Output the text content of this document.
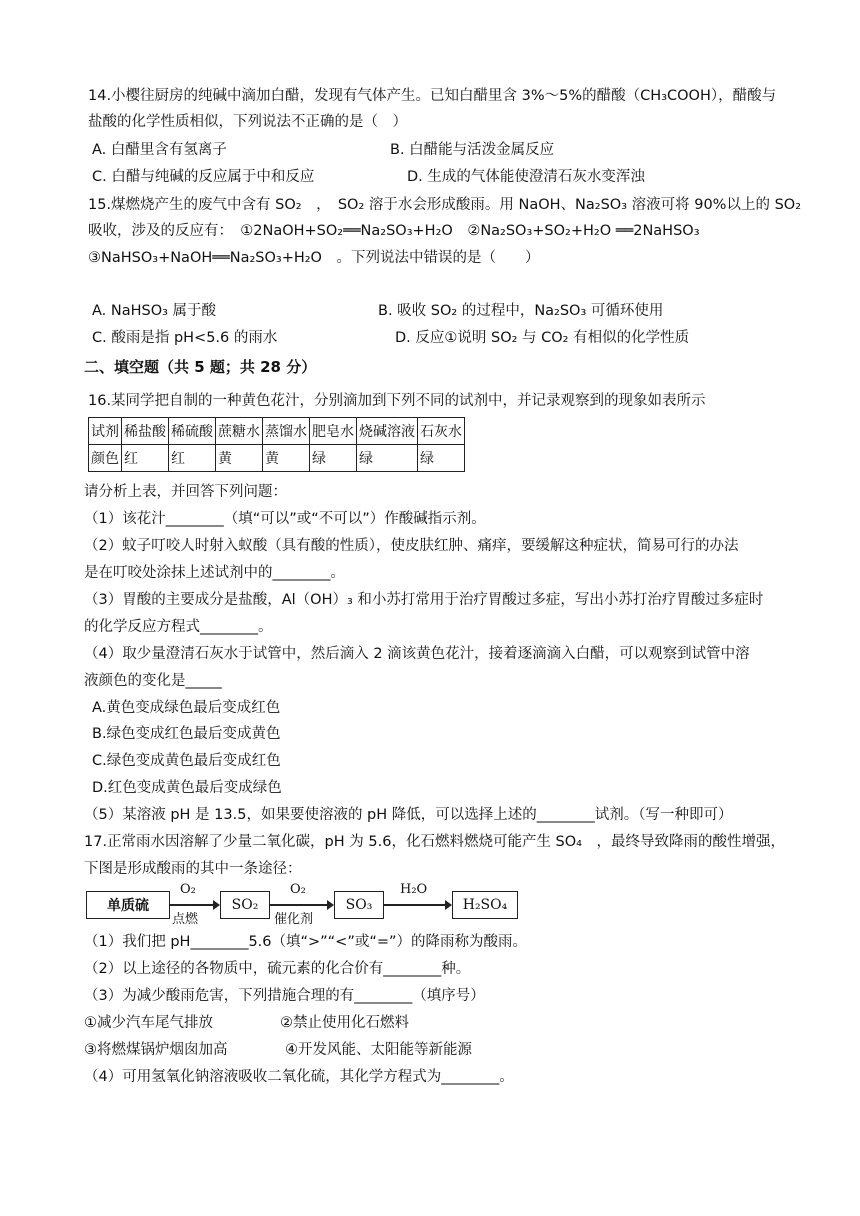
14.小樱往厨房的纯碱中滴加白醋，发现有气体产生。已知白醋里含 3%～5%的醋酸（CH₃COOH），醋酸与
盐酸的化学性质相似，下列说法不正确的是（　）
A. 白醋里含有氢离子	B. 白醋能与活泼金属反应
C. 白醋与纯碱的反应属于中和反应	D. 生成的气体能使澄清石灰水变浑浊
15.煤燃烧产生的废气中含有 SO₂　，　SO₂ 溶于水会形成酸雨。用 NaOH、Na₂SO₃ 溶液可将 90%以上的 SO₂
吸收，涉及的反应有：　①2NaOH+SO₂══Na₂SO₃+H₂O　②Na₂SO₃+SO₂+H₂O ══2NaHSO₃
③NaHSO₃+NaOH══Na₂SO₃+H₂O　。下列说法中错误的是（　　）
A. NaHSO₃ 属于酸	B. 吸收 SO₂ 的过程中，Na₂SO₃ 可循环使用
C. 酸雨是指 pH<5.6 的雨水	D. 反应①说明 SO₂ 与 CO₂ 有相似的化学性质
二、填空题（共 5 题；共 28 分）
16.某同学把自制的一种黄色花汁，分别滴加到下列不同的试剂中，并记录观察到的现象如表所示
试剂	稀盐酸	稀硫酸	蔗糖水	蒸馏水	肥皂水	烧碱溶液	石灰水
颜色	红	红	黄	黄	绿	绿	绿
请分析上表，并回答下列问题：
（1）该花汁________（填“可以”或“不可以”）作酸碱指示剂。
（2）蚊子叮咬人时射入蚁酸（具有酸的性质），使皮肤红肿、痛痒，要缓解这种症状，简易可行的办法
是在叮咬处涂抹上述试剂中的________。
（3）胃酸的主要成分是盐酸，Al（OH）₃ 和小苏打常用于治疗胃酸过多症，写出小苏打治疗胃酸过多症时
的化学反应方程式________。
（4）取少量澄清石灰水于试管中，然后滴入 2 滴该黄色花汁，接着逐滴滴入白醋，可以观察到试管中溶
液颜色的变化是_____
A.黄色变成绿色最后变成红色
B.绿色变成红色最后变成黄色
C.绿色变成黄色最后变成红色
D.红色变成黄色最后变成绿色
（5）某溶液 pH 是 13.5，如果要使溶液的 pH 降低，可以选择上述的________试剂。（写一种即可）
17.正常雨水因溶解了少量二氧化碳，pH 为 5.6，化石燃料燃烧可能产生 SO₄　，最终导致降雨的酸性增强，
下图是形成酸雨的其中一条途径：
单质硫
O₂
点燃
SO₂
O₂
催化剂
SO₃
H₂O
H₂SO₄
（1）我们把 pH________5.6（填“>”“<”或“=”）的降雨称为酸雨。
（2）以上途径的各物质中，硫元素的化合价有________种。
（3）为减少酸雨危害，下列措施合理的有________（填序号）
①减少汽车尾气排放	②禁止使用化石燃料
③将燃煤锅炉烟囱加高	④开发风能、太阳能等新能源
（4）可用氢氧化钠溶液吸收二氧化硫，其化学方程式为________。
